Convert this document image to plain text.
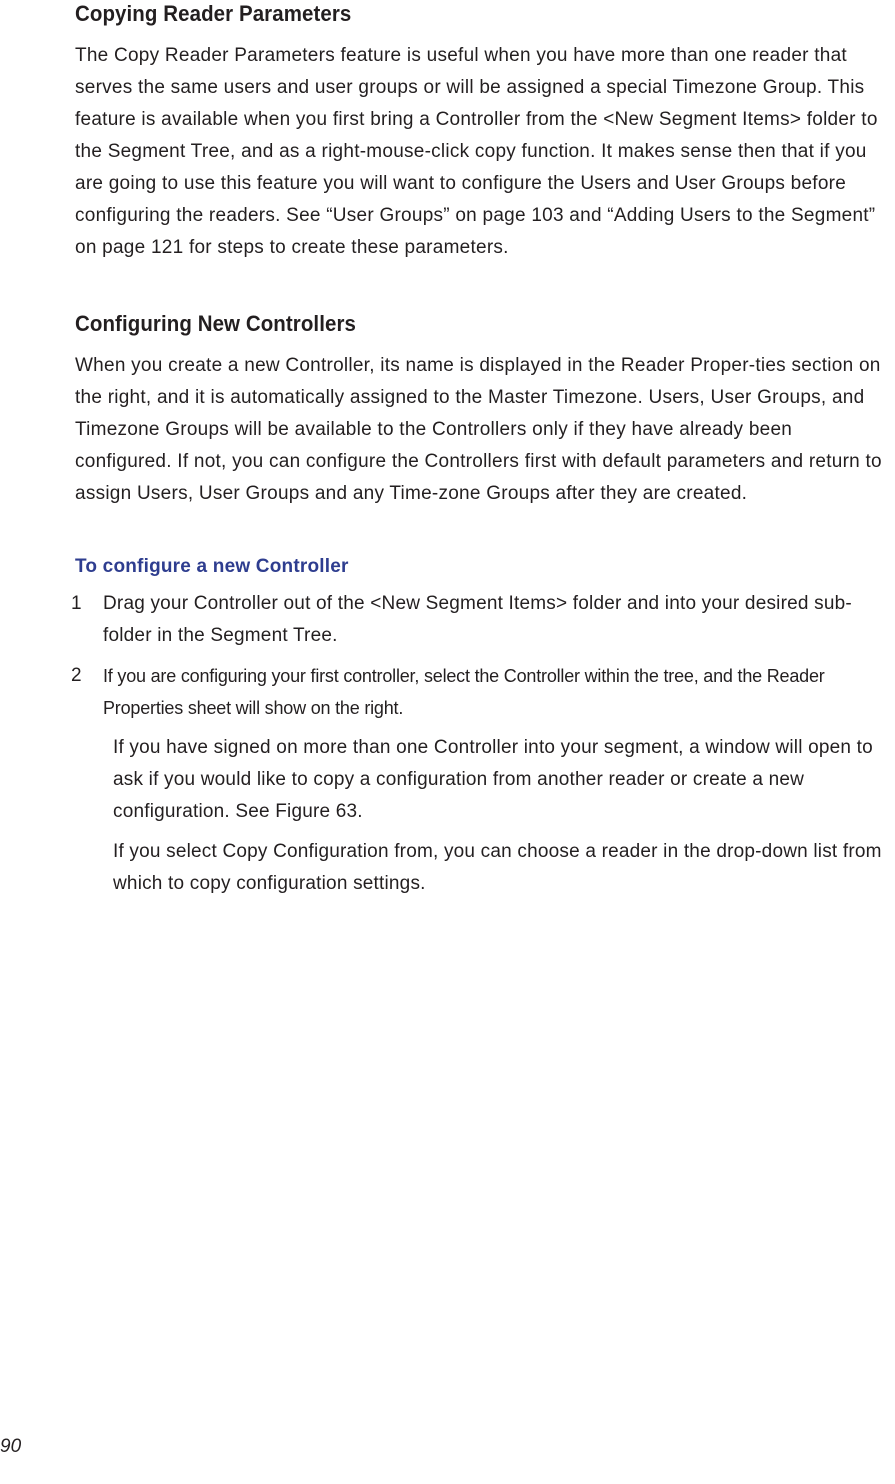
Copying Reader Parameters

The Copy Reader Parameters feature is useful when you have more than one reader that serves the same users and user groups or will be assigned a special Timezone Group. This feature is available when you first bring a Controller from the <New Segment Items> folder to the Segment Tree, and as a right-mouse-click copy function. It makes sense then that if you are going to use this feature you will want to configure the Users and User Groups before configuring the readers. See “User Groups” on page 103 and “Adding Users to the Segment” on page 121 for steps to create these parameters.

Configuring New Controllers

When you create a new Controller, its name is displayed in the Reader Proper-ties section on the right, and it is automatically assigned to the Master Timezone. Users, User Groups, and Timezone Groups will be available to the Controllers only if they have already been configured. If not, you can configure the Controllers first with default parameters and return to assign Users, User Groups and any Time-zone Groups after they are created.

To configure a new Controller
1 Drag your Controller out of the <New Segment Items> folder and into your desired sub-folder in the Segment Tree.
2 If you are configuring your first controller, select the Controller within the tree, and the Reader Properties sheet will show on the right.

If you have signed on more than one Controller into your segment, a window will open to ask if you would like to copy a configuration from another reader or create a new configuration. See Figure 63.

If you select Copy Configuration from, you can choose a reader in the drop-down list from which to copy configuration settings.

90
